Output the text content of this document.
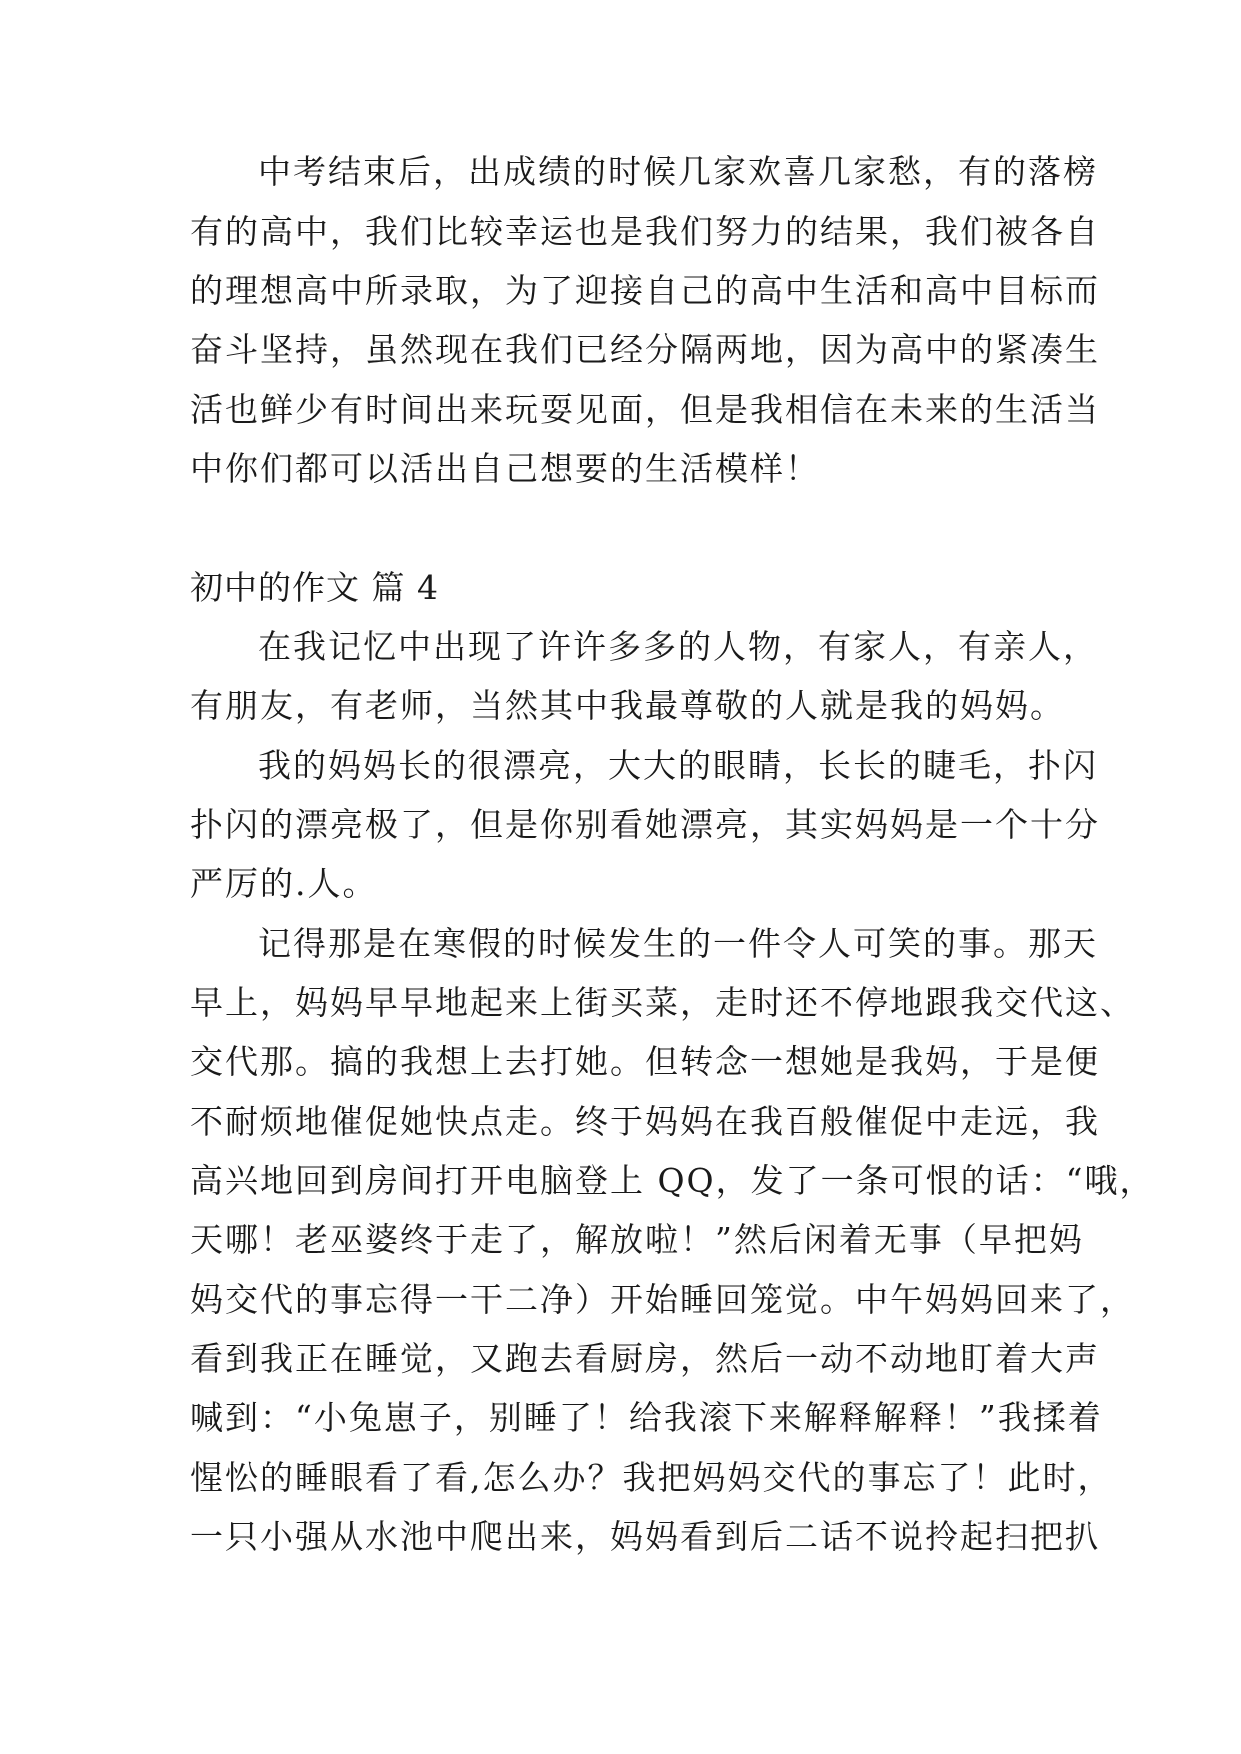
中考结束后，出成绩的时候几家欢喜几家愁，有的落榜
有的高中，我们比较幸运也是我们努力的结果，我们被各自
的理想高中所录取，为了迎接自己的高中生活和高中目标而
奋斗坚持，虽然现在我们已经分隔两地，因为高中的紧凑生
活也鲜少有时间出来玩耍见面，但是我相信在未来的生活当
中你们都可以活出自己想要的生活模样！
初中的作文 篇 4
在我记忆中出现了许许多多的人物，有家人，有亲人，
有朋友，有老师，当然其中我最尊敬的人就是我的妈妈。
我的妈妈长的很漂亮，大大的眼睛，长长的睫毛，扑闪
扑闪的漂亮极了，但是你别看她漂亮，其实妈妈是一个十分
严厉的.人。
记得那是在寒假的时候发生的一件令人可笑的事。那天
早上，妈妈早早地起来上街买菜，走时还不停地跟我交代这、
交代那。搞的我想上去打她。但转念一想她是我妈，于是便
不耐烦地催促她快点走。终于妈妈在我百般催促中走远，我
高兴地回到房间打开电脑登上 QQ，发了一条可恨的话：“哦，
天哪！老巫婆终于走了，解放啦！”然后闲着无事（早把妈
妈交代的事忘得一干二净）开始睡回笼觉。中午妈妈回来了，
看到我正在睡觉，又跑去看厨房，然后一动不动地盯着大声
喊到：“小兔崽子，别睡了！给我滚下来解释解释！”我揉着
惺忪的睡眼看了看,怎么办？我把妈妈交代的事忘了！此时，
一只小强从水池中爬出来，妈妈看到后二话不说拎起扫把扒
